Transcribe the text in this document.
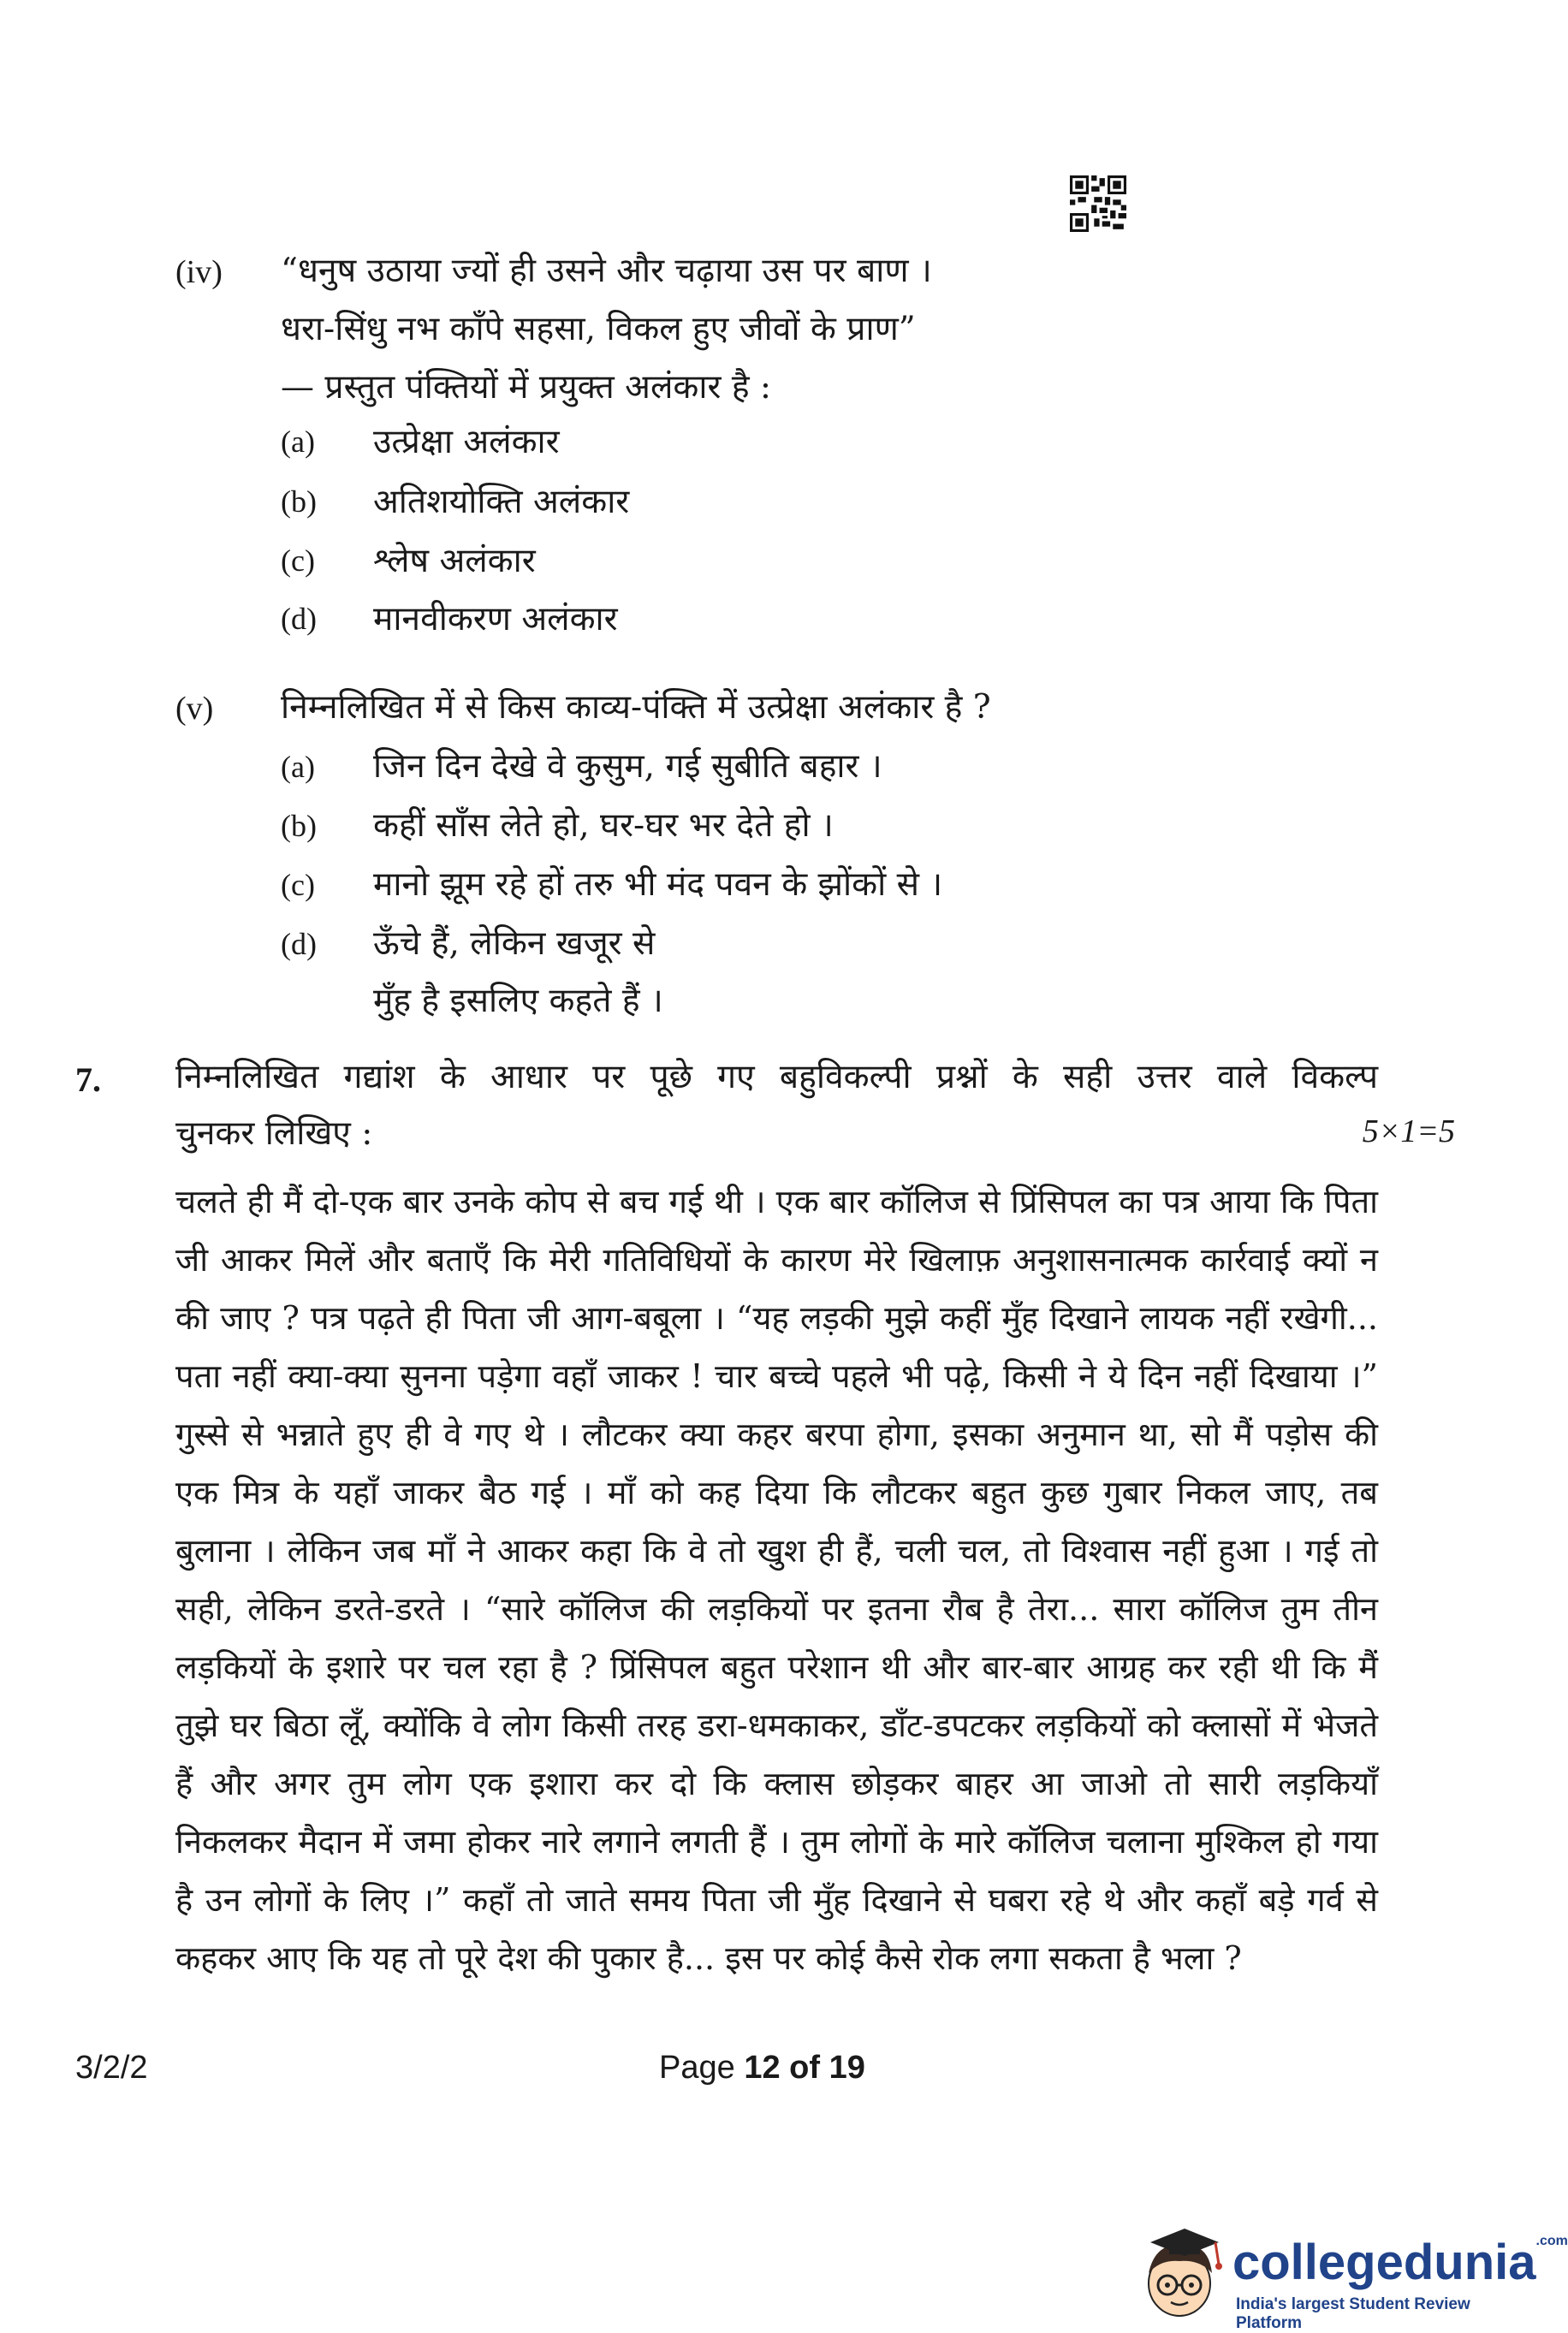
(iv) “धनुष उठाया ज्यों ही उसने और चढ़ाया उस पर बाण ।
धरा-सिंधु नभ काँपे सहसा, विकल हुए जीवों के प्राण”
— प्रस्तुत पंक्तियों में प्रयुक्त अलंकार है :
(a) उत्प्रेक्षा अलंकार
(b) अतिशयोक्ति अलंकार
(c) श्लेष अलंकार
(d) मानवीकरण अलंकार
(v) निम्नलिखित में से किस काव्य-पंक्ति में उत्प्रेक्षा अलंकार है ?
(a) जिन दिन देखे वे कुसुम, गई सुबीति बहार ।
(b) कहीं साँस लेते हो, घर-घर भर देते हो ।
(c) मानो झूम रहे हों तरु भी मंद पवन के झोंकों से ।
(d) ऊँचे हैं, लेकिन खजूर से
मुँह है इसलिए कहते हैं ।
7. निम्नलिखित गद्यांश के आधार पर पूछे गए बहुविकल्पी प्रश्नों के सही उत्तर वाले विकल्प
चुनकर लिखिए :	5×1=5

चलते ही मैं दो-एक बार उनके कोप से बच गई थी । एक बार कॉलिज से प्रिंसिपल का पत्र आया कि पिता जी आकर मिलें और बताएँ कि मेरी गतिविधियों के कारण मेरे खिलाफ़ अनुशासनात्मक कार्रवाई क्यों न की जाए ? पत्र पढ़ते ही पिता जी आग-बबूला । “यह लड़की मुझे कहीं मुँह दिखाने लायक नहीं रखेगी... पता नहीं क्या-क्या सुनना पड़ेगा वहाँ जाकर ! चार बच्चे पहले भी पढ़े, किसी ने ये दिन नहीं दिखाया ।” गुस्से से भन्नाते हुए ही वे गए थे । लौटकर क्या कहर बरपा होगा, इसका अनुमान था, सो मैं पड़ोस की एक मित्र के यहाँ जाकर बैठ गई । माँ को कह दिया कि लौटकर बहुत कुछ गुबार निकल जाए, तब बुलाना । लेकिन जब माँ ने आकर कहा कि वे तो खुश ही हैं, चली चल, तो विश्वास नहीं हुआ । गई तो सही, लेकिन डरते-डरते । “सारे कॉलिज की लड़कियों पर इतना रौब है तेरा... सारा कॉलिज तुम तीन लड़कियों के इशारे पर चल रहा है ? प्रिंसिपल बहुत परेशान थी और बार-बार आग्रह कर रही थी कि मैं तुझे घर बिठा लूँ, क्योंकि वे लोग किसी तरह डरा-धमकाकर, डाँट-डपटकर लड़कियों को क्लासों में भेजते हैं और अगर तुम लोग एक इशारा कर दो कि क्लास छोड़कर बाहर आ जाओ तो सारी लड़कियाँ निकलकर मैदान में जमा होकर नारे लगाने लगती हैं । तुम लोगों के मारे कॉलिज चलाना मुश्किल हो गया है उन लोगों के लिए ।” कहाँ तो जाते समय पिता जी मुँह दिखाने से घबरा रहे थे और कहाँ बड़े गर्व से कहकर आए कि यह तो पूरे देश की पुकार है... इस पर कोई कैसे रोक लगा सकता है भला ?

3/2/2	Page 12 of 19
collegedunia$^{.com}$
India's largest Student Review Platform
